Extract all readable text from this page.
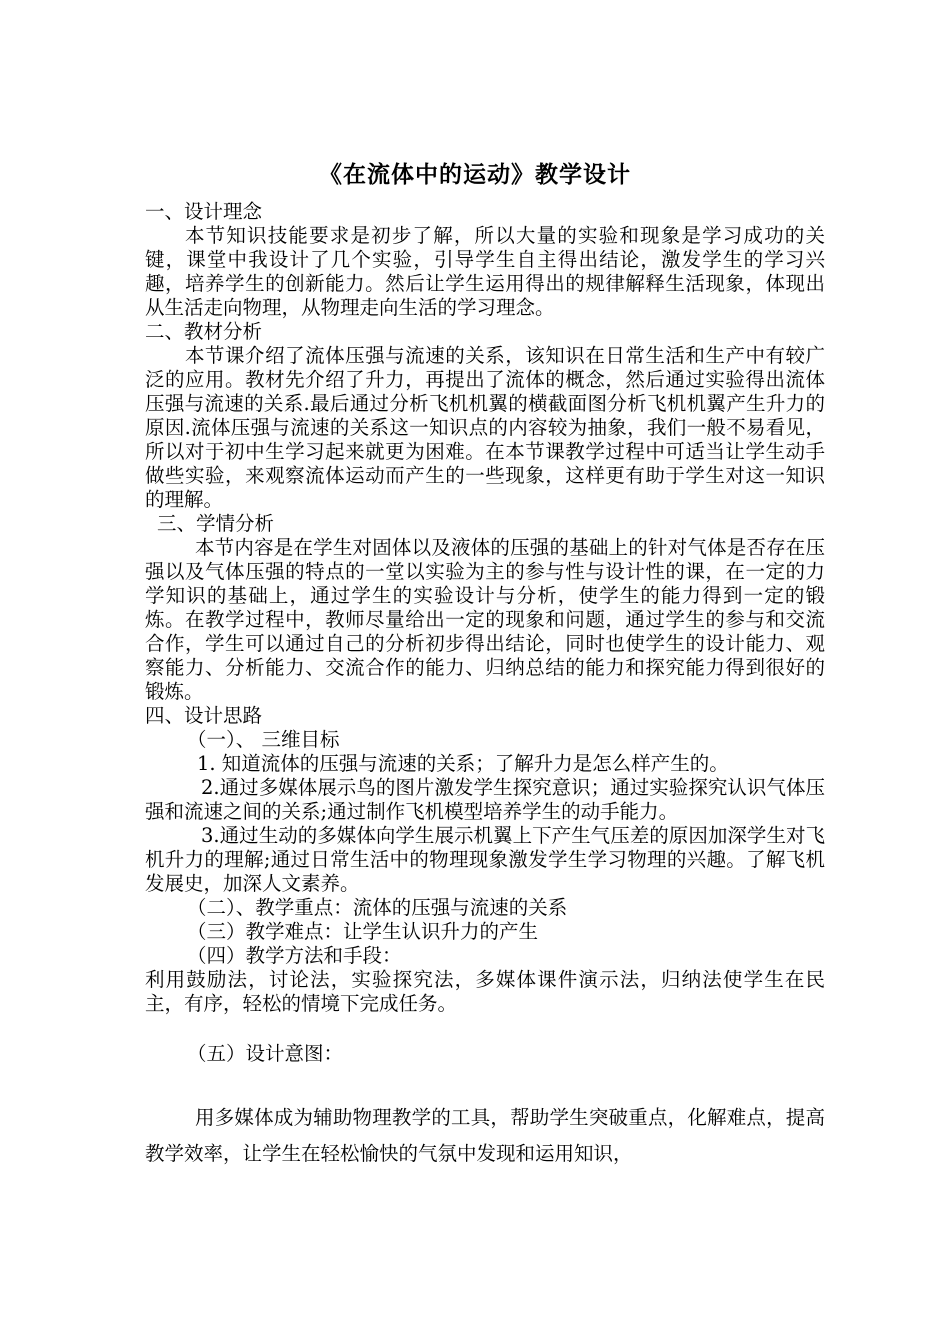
《在流体中的运动》教学设计

一、设计理念

本节知识技能要求是初步了解，所以大量的实验和现象是学习成功的关键，课堂中我设计了几个实验，引导学生自主得出结论，激发学生的学习兴趣，培养学生的创新能力。然后让学生运用得出的规律解释生活现象，体现出从生活走向物理，从物理走向生活的学习理念。

二、教材分析

本节课介绍了流体压强与流速的关系，该知识在日常生活和生产中有较广泛的应用。教材先介绍了升力，再提出了流体的概念，然后通过实验得出流体压强与流速的关系.最后通过分析飞机机翼的横截面图分析飞机机翼产生升力的原因.流体压强与流速的关系这一知识点的内容较为抽象，我们一般不易看见，所以对于初中生学习起来就更为困难。在本节课教学过程中可适当让学生动手做些实验，来观察流体运动而产生的一些现象，这样更有助于学生对这一知识的理解。

三、学情分析

本节内容是在学生对固体以及液体的压强的基础上的针对气体是否存在压强以及气体压强的特点的一堂以实验为主的参与性与设计性的课，在一定的力学知识的基础上，通过学生的实验设计与分析，使学生的能力得到一定的锻炼。在教学过程中，教师尽量给出一定的现象和问题，通过学生的参与和交流合作，学生可以通过自己的分析初步得出结论，同时也使学生的设计能力、观察能力、分析能力、交流合作的能力、归纳总结的能力和探究能力得到很好的锻炼。

四、设计思路

（一）、 三维目标

1. 知道流体的压强与流速的关系；了解升力是怎么样产生的。

2.通过多媒体展示鸟的图片激发学生探究意识；通过实验探究认识气体压强和流速之间的关系;通过制作飞机模型培养学生的动手能力。

3.通过生动的多媒体向学生展示机翼上下产生气压差的原因加深学生对飞机升力的理解;通过日常生活中的物理现象激发学生学习物理的兴趣。了解飞机发展史，加深人文素养。

（二）、教学重点：流体的压强与流速的关系

（三）教学难点：让学生认识升力的产生

（四）教学方法和手段：

利用鼓励法，讨论法，实验探究法，多媒体课件演示法，归纳法使学生在民主，有序，轻松的情境下完成任务。

（五）设计意图：

用多媒体成为辅助物理教学的工具，帮助学生突破重点，化解难点，提高教学效率，让学生在轻松愉快的气氛中发现和运用知识，
